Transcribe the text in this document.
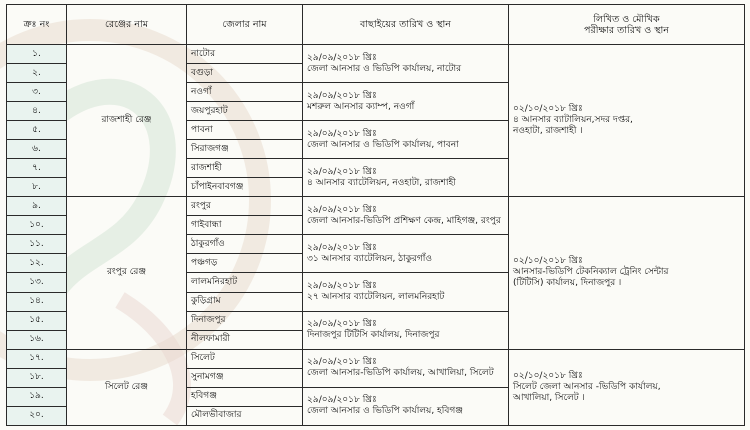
ক্রঃ নং	রেঞ্জের নাম	জেলার নাম	বাছাইয়ের তারিখ ও স্থান	লিখিত ও মৌখিক
পরীক্ষার তারিখ ও স্থান

১.	রাজশাহী রেঞ্জ	নাটোর	২৯/০৯/২০১৮ খ্রিঃ
জেলা আনসার ও ভিডিপি কার্যালয়, নাটোর	০২/১০/২০১৮ খ্রিঃ
৪ আনসার ব্যাটালিয়ন,সদর দপ্তর,
নওহাটা, রাজশাহী ।

২.		বগুড়া		
৩.		নওগাঁ	২৯/০৯/২০১৮ খ্রিঃ
মশরুল আনসার ক্যাম্প, নওগাঁ	

৪.		জয়পুরহাট		
৫.		পাবনা	২৯/০৯/২০১৮ খ্রিঃ
জেলা আনসার ও ভিডিপি কার্যালয়, পাবনা	

৬.		সিরাজগঞ্জ		
৭.		রাজশাহী	২৯/০৯/২০১৮ খ্রিঃ
৪ আনসার ব্যাটেলিয়ন, নওহাটা, রাজশাহী	

৮.		চাঁপাইনবাবগঞ্জ		
৯.	রংপুর রেঞ্জ	রংপুর	২৯/০৯/২০১৮ খ্রিঃ
জেলা আনসার-ভিডিপি প্রশিক্ষণ কেন্দ্র, মাহিগঞ্জ, রংপুর	০২/১০/২০১৮ খ্রিঃ
আনসার-ভিডিপি টেকনিক্যাল ট্রেনিং সেন্টার
(টিটিসি) কার্যালয়, দিনাজপুর ।

১০.		গাইবান্ধা		
১১.		ঠাকুরগাঁও	২৯/০৯/২০১৮ খ্রিঃ
৩১ আনসার ব্যাটেলিয়ন, ঠাকুরগাঁও	

১২.		পঞ্চগড়		
১৩.		লালমনিরহাট	২৯/০৯/২০১৮ খ্রিঃ
২৭ আনসার ব্যাটেলিয়ন, লালমনিরহাট	

১৪.		কুড়িগ্রাম		
১৫.		দিনাজপুর	২৯/০৯/২০১৮ খ্রিঃ
দিনাজপুর টিটিসি কার্যালয়, দিনাজপুর	

১৬.		নীলফামারী		
১৭.	সিলেট রেঞ্জ	সিলেট	২৯/০৯/২০১৮ খ্রিঃ
জেলা আনসার-ভিডিপি কার্যালয়, আখালিয়া, সিলেট	০২/১০/২০১৮ খ্রিঃ
সিলেট জেলা আনসার -ভিডিপি কার্যালয়,
আখালিয়া, সিলেট ।

১৮.		সুনামগঞ্জ		
১৯.		হবিগঞ্জ	২৯/০৯/২০১৮ খ্রিঃ
জেলা আনসার ও ভিডিপি কার্যালয়, হবিগঞ্জ	

২০.		মৌলভীবাজার		
